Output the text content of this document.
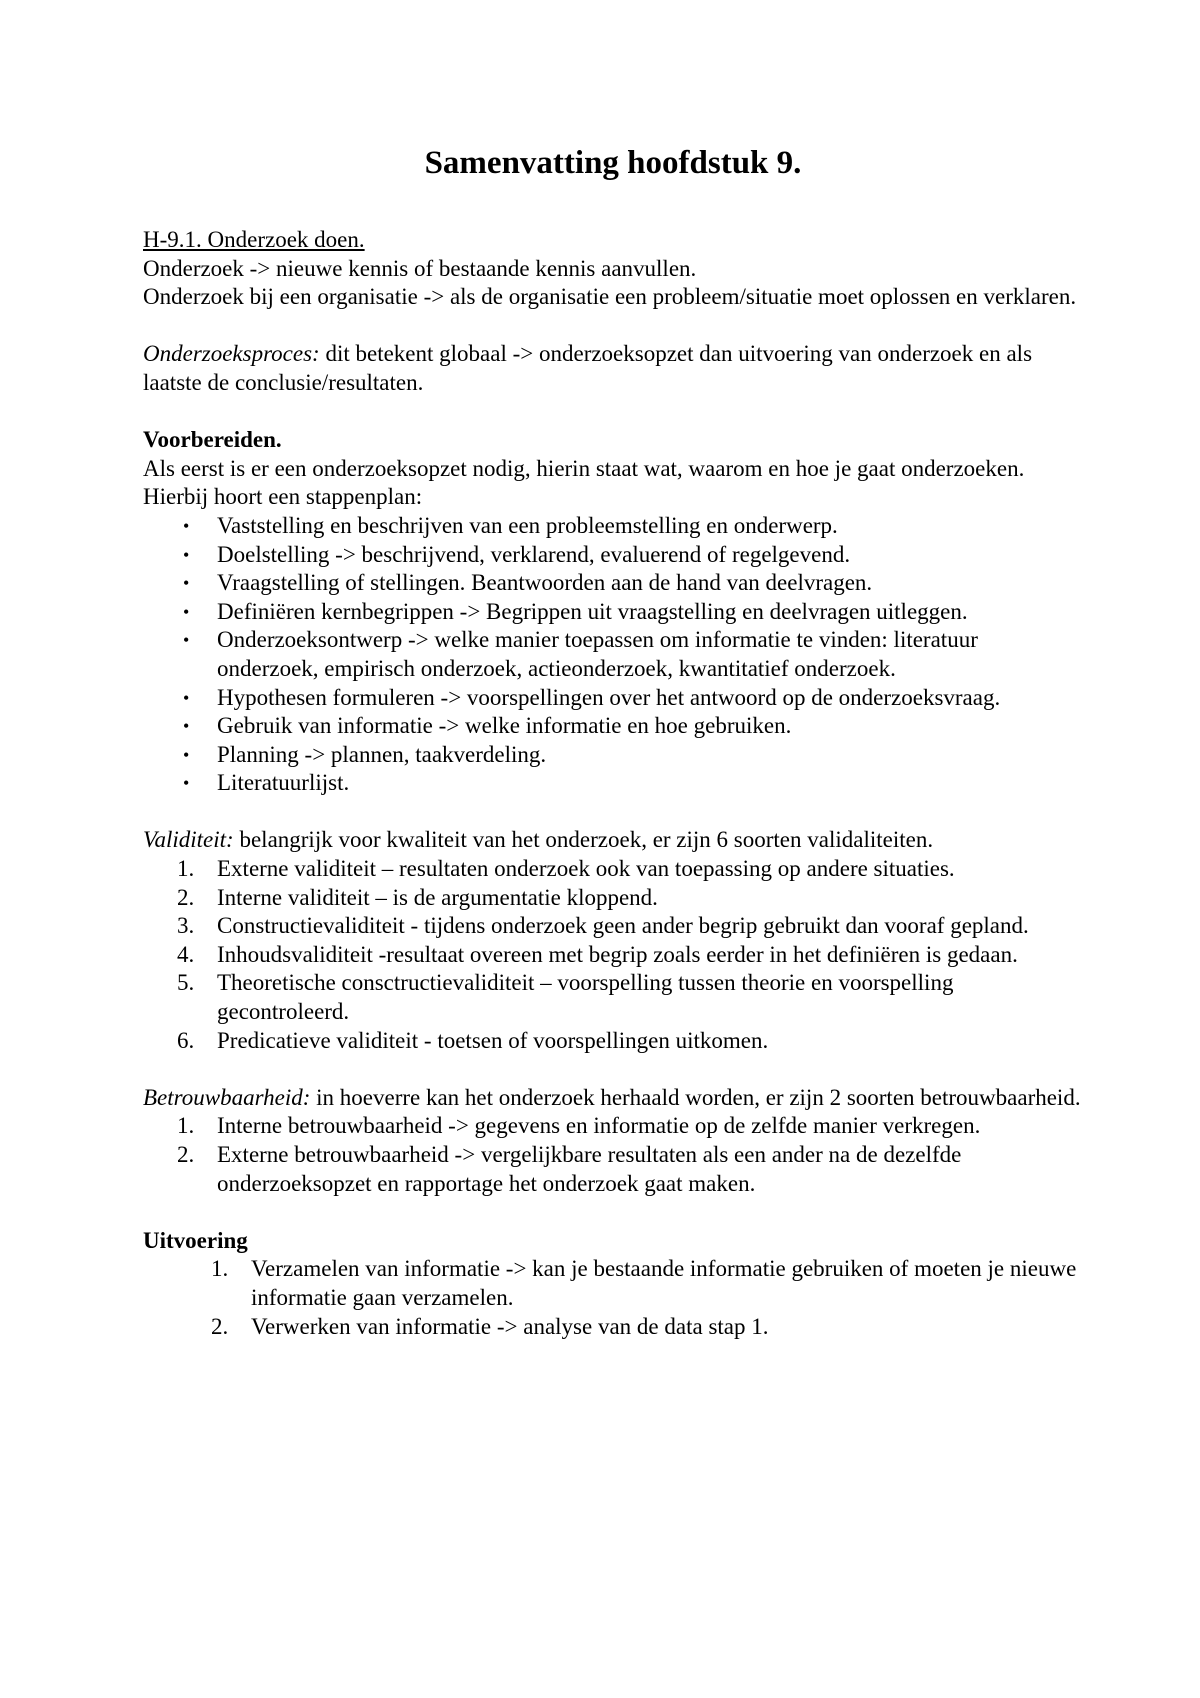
Samenvatting hoofdstuk 9.

H-9.1. Onderzoek doen.

Onderzoek -> nieuwe kennis of bestaande kennis aanvullen.

Onderzoek bij een organisatie -> als de organisatie een probleem/situatie moet oplossen en verklaren.

Onderzoeksproces: dit betekent globaal -> onderzoeksopzet dan uitvoering van onderzoek en als laatste de conclusie/resultaten.

Voorbereiden.

Als eerst is er een onderzoeksopzet nodig, hierin staat wat, waarom en hoe je gaat onderzoeken. Hierbij hoort een stappenplan:

• Vaststelling en beschrijven van een probleemstelling en onderwerp.
• Doelstelling -> beschrijvend, verklarend, evaluerend of regelgevend.
• Vraagstelling of stellingen. Beantwoorden aan de hand van deelvragen.
• Definiëren kernbegrippen -> Begrippen uit vraagstelling en deelvragen uitleggen.
• Onderzoeksontwerp -> welke manier toepassen om informatie te vinden: literatuur onderzoek, empirisch onderzoek, actieonderzoek, kwantitatief onderzoek.
• Hypothesen formuleren -> voorspellingen over het antwoord op de onderzoeksvraag.
• Gebruik van informatie -> welke informatie en hoe gebruiken.
• Planning -> plannen, taakverdeling.
• Literatuurlijst.

Validiteit: belangrijk voor kwaliteit van het onderzoek, er zijn 6 soorten validaliteiten.

1. Externe validiteit – resultaten onderzoek ook van toepassing op andere situaties.
2. Interne validiteit – is de argumentatie kloppend.
3. Constructievaliditeit - tijdens onderzoek geen ander begrip gebruikt dan vooraf gepland.
4. Inhoudsvaliditeit -resultaat overeen met begrip zoals eerder in het definiëren is gedaan.
5. Theoretische consctructievaliditeit – voorspelling tussen theorie en voorspelling gecontroleerd.
6. Predicatieve validiteit - toetsen of voorspellingen uitkomen.

Betrouwbaarheid: in hoeverre kan het onderzoek herhaald worden, er zijn 2 soorten betrouwbaarheid.

1. Interne betrouwbaarheid -> gegevens en informatie op de zelfde manier verkregen.
2. Externe betrouwbaarheid -> vergelijkbare resultaten als een ander na de dezelfde onderzoeksopzet en rapportage het onderzoek gaat maken.

Uitvoering

1. Verzamelen van informatie -> kan je bestaande informatie gebruiken of moeten je nieuwe informatie gaan verzamelen.
2. Verwerken van informatie -> analyse van de data stap 1.
